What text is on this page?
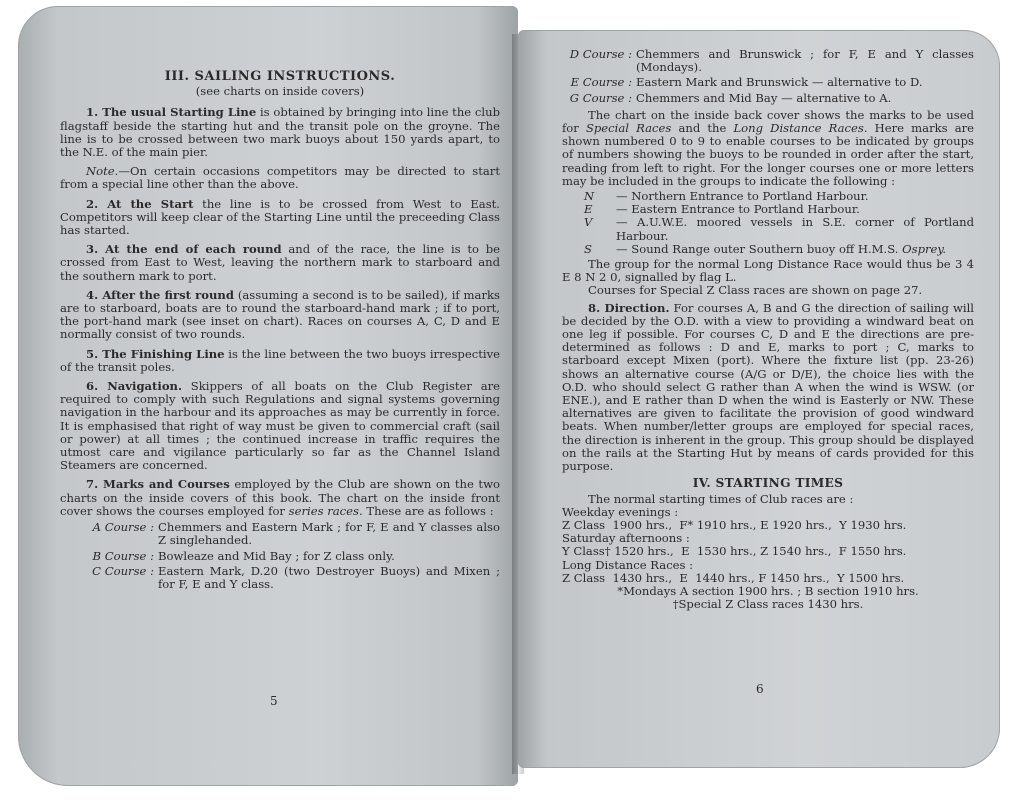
III. SAILING INSTRUCTIONS.
(see charts on inside covers)

1. The usual Starting Line is obtained by bringing into line the club flagstaff beside the starting hut and the transit pole on the groyne. The line is to be crossed between two mark buoys about 150 yards apart, to the N.E. of the main pier.

Note.—On certain occasions competitors may be directed to start from a special line other than the above.

2. At the Start the line is to be crossed from West to East. Competitors will keep clear of the Starting Line until the preceeding Class has started.

3. At the end of each round and of the race, the line is to be crossed from East to West, leaving the northern mark to starboard and the southern mark to port.

4. After the first round (assuming a second is to be sailed), if marks are to starboard, boats are to round the starboard-hand mark ; if to port, the port-hand mark (see inset on chart). Races on courses A, C, D and E normally consist of two rounds.

5. The Finishing Line is the line between the two buoys irrespective of the transit poles.

6. Navigation. Skippers of all boats on the Club Register are required to comply with such Regulations and signal systems governing navigation in the harbour and its approaches as may be currently in force. It is emphasised that right of way must be given to commercial craft (sail or power) at all times ; the continued increase in traffic requires the utmost care and vigilance particularly so far as the Channel Island Steamers are concerned.

7. Marks and Courses employed by the Club are shown on the two charts on the inside covers of this book. The chart on the inside front cover shows the courses employed for series races. These are as follows :

A Course : Chemmers and Eastern Mark ; for F, E and Y classes also Z singlehanded.
B Course : Bowleaze and Mid Bay ; for Z class only.
C Course : Eastern Mark, D.20 (two Destroyer Buoys) and Mixen ; for F, E and Y class.
5
D Course : Chemmers and Brunswick ; for F, E and Y classes (Mondays).
E Course : Eastern Mark and Brunswick — alternative to D.
G Course : Chemmers and Mid Bay — alternative to A.

The chart on the inside back cover shows the marks to be used for Special Races and the Long Distance Races. Here marks are shown numbered 0 to 9 to enable courses to be indicated by groups of numbers showing the buoys to be rounded in order after the start, reading from left to right. For the longer courses one or more letters may be included in the groups to indicate the following :

N	— Northern Entrance to Portland Harbour.
E	— Eastern Entrance to Portland Harbour.
V	— A.U.W.E. moored vessels in S.E. corner of Portland Harbour.
S	— Sound Range outer Southern buoy off H.M.S. Osprey.

The group for the normal Long Distance Race would thus be 3 4 E 8 N 2 0, signalled by flag L.

Courses for Special Z Class races are shown on page 27.

8. Direction. For courses A, B and G the direction of sailing will be decided by the O.D. with a view to providing a windward beat on one leg if possible. For courses C, D and E the directions are pre-determined as follows : D and E, marks to port ; C, marks to starboard except Mixen (port). Where the fixture list (pp. 23-26) shows an alternative course (A/G or D/E), the choice lies with the O.D. who should select G rather than A when the wind is WSW. (or ENE.), and E rather than D when the wind is Easterly or NW. These alternatives are given to facilitate the provision of good windward beats. When number/letter groups are employed for special races, the direction is inherent in the group. This group should be displayed on the rails at the Starting Hut by means of cards provided for this purpose.

IV. STARTING TIMES

The normal starting times of Club races are :

Weekday evenings :
Z Class  1900 hrs.,  F* 1910 hrs., E 1920 hrs.,  Y 1930 hrs.
Saturday afternoons :
Y Class† 1520 hrs.,  E  1530 hrs., Z 1540 hrs.,  F 1550 hrs.
Long Distance Races :
Z Class  1430 hrs.,  E  1440 hrs., F 1450 hrs.,  Y 1500 hrs.
*Mondays A section 1900 hrs. ; B section 1910 hrs.
†Special Z Class races 1430 hrs.
6
